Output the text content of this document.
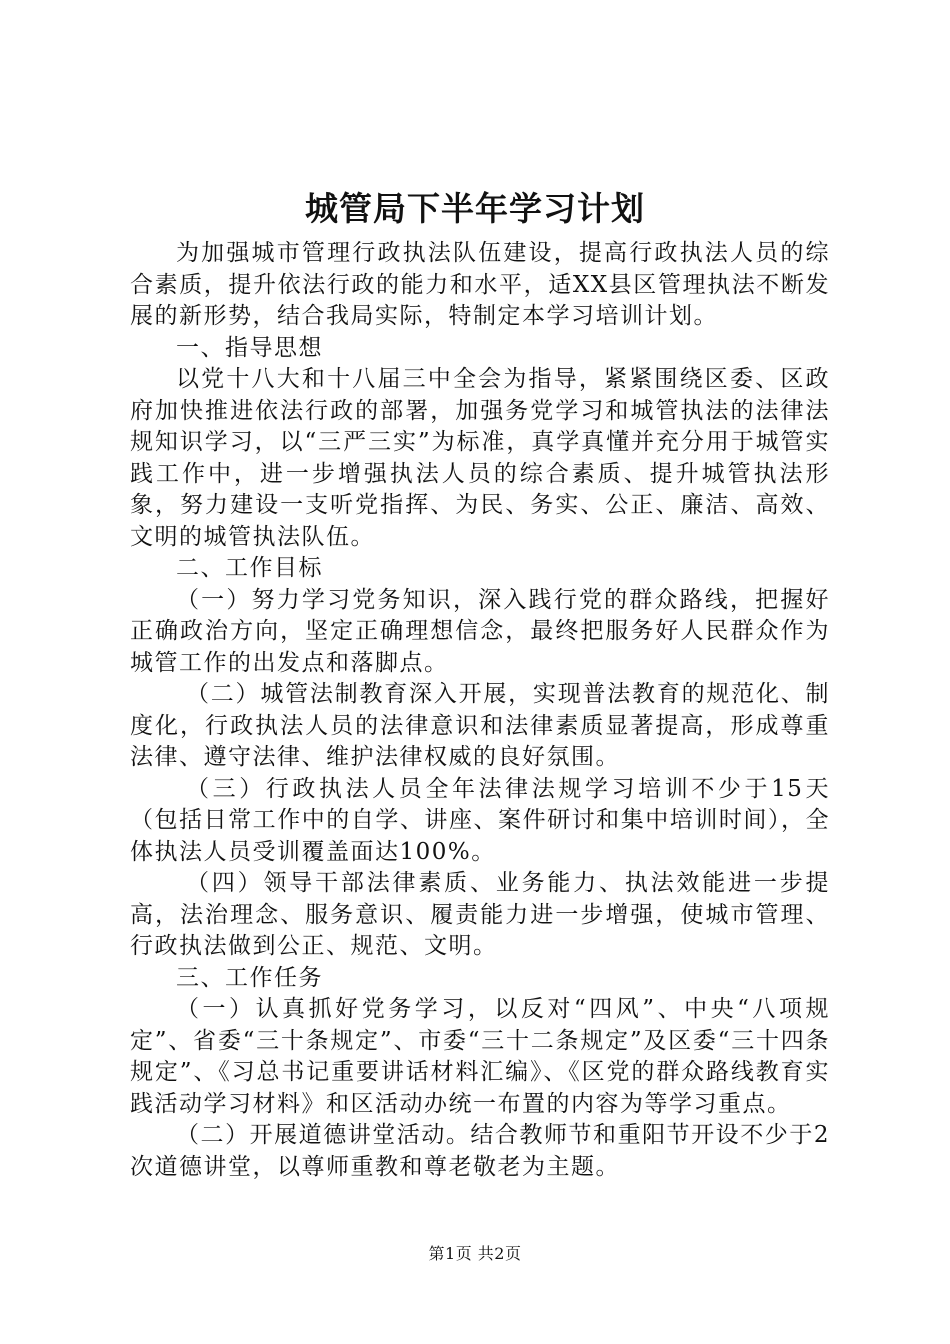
城管局下半年学习计划

为加强城市管理行政执法队伍建设，提高行政执法人员的综合素质，提升依法行政的能力和水平，适XX县区管理执法不断发展的新形势，结合我局实际，特制定本学习培训计划。

一、指导思想

以党十八大和十八届三中全会为指导，紧紧围绕区委、区政府加快推进依法行政的部署，加强务党学习和城管执法的法律法规知识学习，以“三严三实”为标准，真学真懂并充分用于城管实践工作中，进一步增强执法人员的综合素质、提升城管执法形象，努力建设一支听党指挥、为民、务实、公正、廉洁、高效、文明的城管执法队伍。

二、工作目标

（一）努力学习党务知识，深入践行党的群众路线，把握好正确政治方向，坚定正确理想信念，最终把服务好人民群众作为城管工作的出发点和落脚点。

（二）城管法制教育深入开展，实现普法教育的规范化、制度化，行政执法人员的法律意识和法律素质显著提高，形成尊重法律、遵守法律、维护法律权威的良好氛围。

（三）行政执法人员全年法律法规学习培训不少于15天（包括日常工作中的自学、讲座、案件研讨和集中培训时间），全体执法人员受训覆盖面达100%。

（四）领导干部法律素质、业务能力、执法效能进一步提高，法治理念、服务意识、履责能力进一步增强，使城市管理、行政执法做到公正、规范、文明。

三、工作任务

（一）认真抓好党务学习，以反对“四风”、中央“八项规定”、省委“三十条规定”、市委“三十二条规定”及区委“三十四条规定”、《习总书记重要讲话材料汇编》、《区党的群众路线教育实践活动学习材料》和区活动办统一布置的内容为等学习重点。

（二）开展道德讲堂活动。结合教师节和重阳节开设不少于2次道德讲堂，以尊师重教和尊老敬老为主题。

第1页 共2页
